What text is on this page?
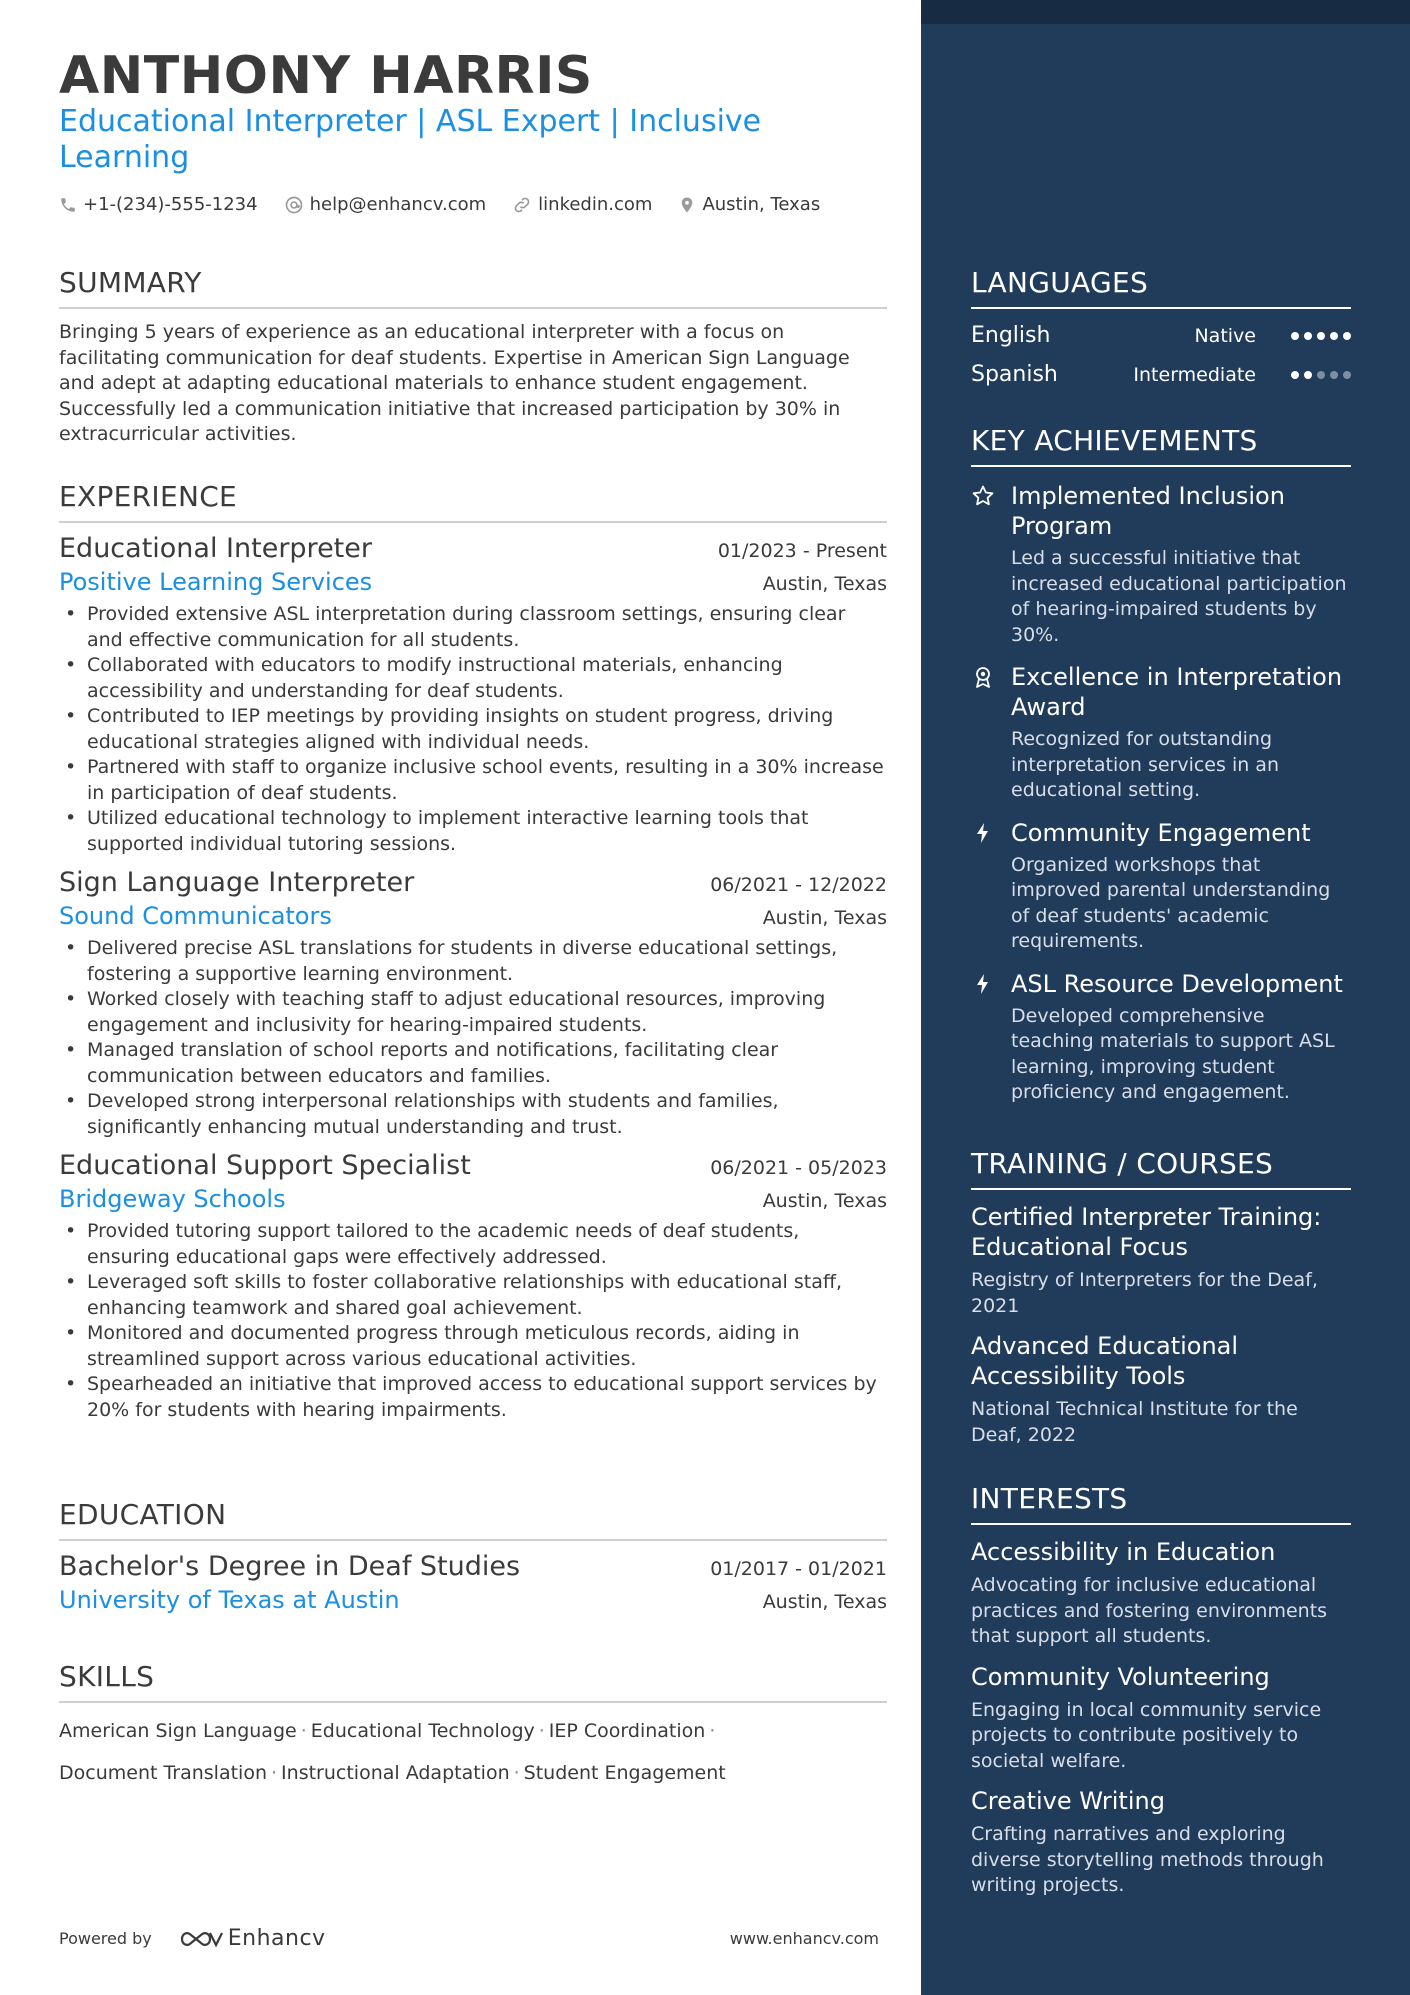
ANTHONY HARRIS
Educational Interpreter | ASL Expert | Inclusive Learning
+1-(234)-555-1234	help@enhancv.com	linkedin.com	Austin, Texas
SUMMARY

Bringing 5 years of experience as an educational interpreter with a focus on facilitating communication for deaf students. Expertise in American Sign Language and adept at adapting educational materials to enhance student engagement. Successfully led a communication initiative that increased participation by 30% in extracurricular activities.

EXPERIENCE
Educational Interpreter	01/2023 - Present
Positive Learning Services	Austin, Texas
• Provided extensive ASL interpretation during classroom settings, ensuring clear and effective communication for all students.
• Collaborated with educators to modify instructional materials, enhancing accessibility and understanding for deaf students.
• Contributed to IEP meetings by providing insights on student progress, driving educational strategies aligned with individual needs.
• Partnered with staff to organize inclusive school events, resulting in a 30% increase in participation of deaf students.
• Utilized educational technology to implement interactive learning tools that supported individual tutoring sessions.
Sign Language Interpreter	06/2021 - 12/2022
Sound Communicators	Austin, Texas
• Delivered precise ASL translations for students in diverse educational settings, fostering a supportive learning environment.
• Worked closely with teaching staff to adjust educational resources, improving engagement and inclusivity for hearing-impaired students.
• Managed translation of school reports and notifications, facilitating clear communication between educators and families.
• Developed strong interpersonal relationships with students and families, significantly enhancing mutual understanding and trust.
Educational Support Specialist	06/2021 - 05/2023
Bridgeway Schools	Austin, Texas
• Provided tutoring support tailored to the academic needs of deaf students, ensuring educational gaps were effectively addressed.
• Leveraged soft skills to foster collaborative relationships with educational staff, enhancing teamwork and shared goal achievement.
• Monitored and documented progress through meticulous records, aiding in streamlined support across various educational activities.
• Spearheaded an initiative that improved access to educational support services by 20% for students with hearing impairments.
EDUCATION
Bachelor's Degree in Deaf Studies	01/2017 - 01/2021
University of Texas at Austin	Austin, Texas
SKILLS
American Sign Language · Educational Technology · IEP Coordination ·
Document Translation · Instructional Adaptation · Student Engagement
Powered by	Enhancv	www.enhancv.com
LANGUAGES
English	Native
Spanish	Intermediate
KEY ACHIEVEMENTS
Implemented Inclusion Program
Led a successful initiative that increased educational participation of hearing-impaired students by 30%.
Excellence in Interpretation Award
Recognized for outstanding interpretation services in an educational setting.
Community Engagement
Organized workshops that improved parental understanding of deaf students' academic requirements.
ASL Resource Development
Developed comprehensive teaching materials to support ASL learning, improving student proficiency and engagement.
TRAINING / COURSES
Certified Interpreter Training: Educational Focus
Registry of Interpreters for the Deaf, 2021
Advanced Educational Accessibility Tools
National Technical Institute for the Deaf, 2022
INTERESTS
Accessibility in Education
Advocating for inclusive educational practices and fostering environments that support all students.
Community Volunteering
Engaging in local community service projects to contribute positively to societal welfare.
Creative Writing
Crafting narratives and exploring diverse storytelling methods through writing projects.
